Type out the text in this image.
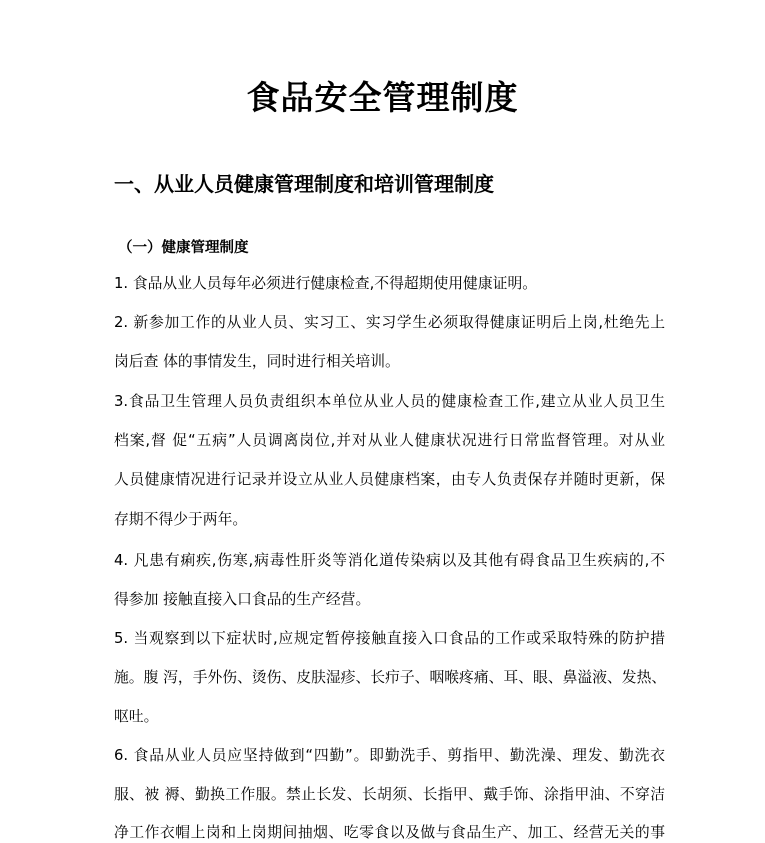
食品安全管理制度
一、从业人员健康管理制度和培训管理制度
（一）健康管理制度
1. 食品从业人员每年必须进行健康检查,不得超期使用健康证明。
2. 新参加工作的从业人员、实习工、实习学生必须取得健康证明后上岗,杜绝先上
岗后查 体的事情发生，同时进行相关培训。
3.食品卫生管理人员负责组织本单位从业人员的健康检查工作,建立从业人员卫生
档案,督 促“五病”人员调离岗位,并对从业人健康状况进行日常监督管理。对从业
人员健康情况进行记录并设立从业人员健康档案，由专人负责保存并随时更新，保
存期不得少于两年。
4. 凡患有痢疾,伤寒,病毒性肝炎等消化道传染病以及其他有碍食品卫生疾病的,不
得参加 接触直接入口食品的生产经营。
5. 当观察到以下症状时,应规定暂停接触直接入口食品的工作或采取特殊的防护措
施。腹 泻，手外伤、烫伤、皮肤湿疹、长疖子、咽喉疼痛、耳、眼、鼻溢液、发热、
呕吐。
6. 食品从业人员应坚持做到“四勤”。即勤洗手、剪指甲、勤洗澡、理发、勤洗衣
服、被 褥、勤换工作服。禁止长发、长胡须、长指甲、戴手饰、涂指甲油、不穿洁
净工作衣帽上岗和上岗期间抽烟、吃零食以及做与食品生产、加工、经营无关的事
